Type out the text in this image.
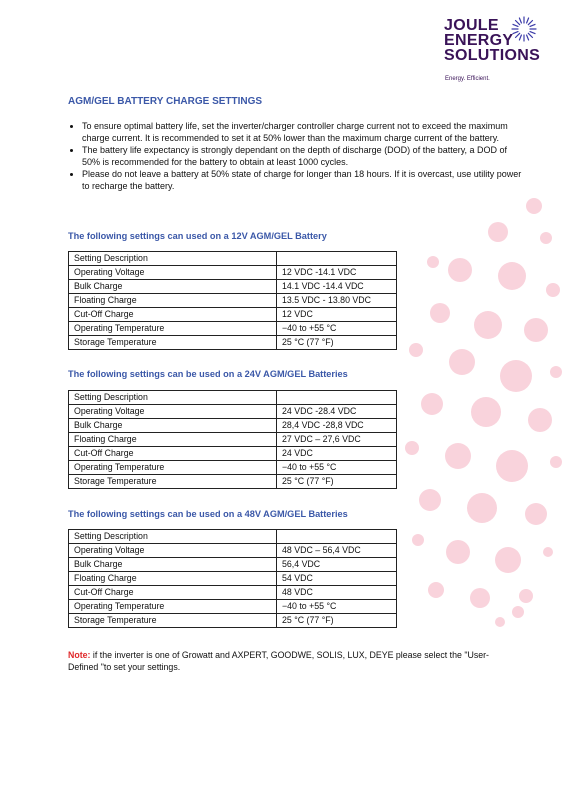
JOULE
ENERGY
SOLUTIONS
Energy. Efficient.
AGM/GEL BATTERY CHARGE SETTINGS
• To ensure optimal battery life, set the inverter/charger controller charge current not to exceed the maximum charge current. It is recommended to set it at 50% lower than the maximum charge current of the battery.
• The battery life expectancy is strongly dependant on the depth of discharge (DOD) of the battery, a DOD of 50% is recommended for the battery to obtain at least 1000 cycles.
• Please do not leave a battery at 50% state of charge for longer than 18 hours. If it is overcast, use utility power to recharge the battery.
The following settings can used on a 12V AGM/GEL Battery
Setting Description	
Operating Voltage	12 VDC -14.1 VDC
Bulk Charge	14.1 VDC -14.4 VDC
Floating Charge	13.5 VDC - 13.80 VDC
Cut-Off Charge	12 VDC
Operating Temperature	−40 to +55 °C
Storage Temperature	25 °C (77 °F)
The following settings can be used on a 24V AGM/GEL Batteries
Setting Description	
Operating Voltage	24 VDC -28.4 VDC
Bulk Charge	28,4 VDC -28,8 VDC
Floating Charge	27 VDC – 27,6 VDC
Cut-Off Charge	24 VDC
Operating Temperature	−40 to +55 °C
Storage Temperature	25 °C (77 °F)
The following settings can be used on a 48V AGM/GEL Batteries
Setting Description	
Operating Voltage	48 VDC – 56,4 VDC
Bulk Charge	56,4 VDC
Floating Charge	54 VDC
Cut-Off Charge	48 VDC
Operating Temperature	−40 to +55 °C
Storage Temperature	25 °C (77 °F)
Note: if the inverter is one of Growatt and AXPERT, GOODWE, SOLIS, LUX, DEYE please select the "User-Defined "to set your settings.
